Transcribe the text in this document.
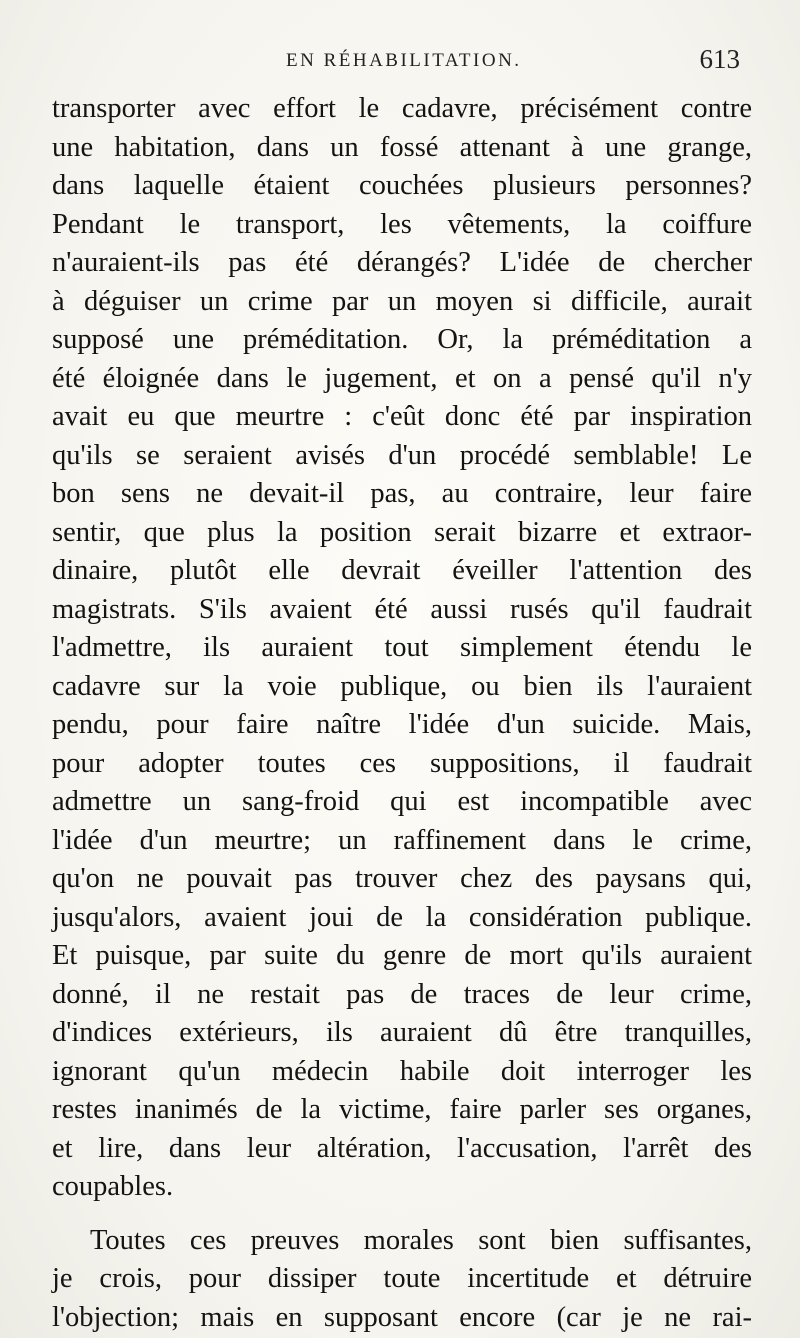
EN RÉHABILITATION.	613
transporter avec effort le cadavre, précisément contre
une habitation, dans un fossé attenant à une grange,
dans laquelle étaient couchées plusieurs personnes?
Pendant le transport, les vêtements, la coiffure
n'auraient-ils pas été dérangés? L'idée de chercher
à déguiser un crime par un moyen si difficile, aurait
supposé une préméditation. Or, la préméditation a
été éloignée dans le jugement, et on a pensé qu'il n'y
avait eu que meurtre : c'eût donc été par inspiration
qu'ils se seraient avisés d'un procédé semblable! Le
bon sens ne devait-il pas, au contraire, leur faire
sentir, que plus la position serait bizarre et extraor-
dinaire, plutôt elle devrait éveiller l'attention des
magistrats. S'ils avaient été aussi rusés qu'il faudrait
l'admettre, ils auraient tout simplement étendu le
cadavre sur la voie publique, ou bien ils l'auraient
pendu, pour faire naître l'idée d'un suicide. Mais,
pour adopter toutes ces suppositions, il faudrait
admettre un sang-froid qui est incompatible avec
l'idée d'un meurtre; un raffinement dans le crime,
qu'on ne pouvait pas trouver chez des paysans qui,
jusqu'alors, avaient joui de la considération publique.
Et puisque, par suite du genre de mort qu'ils auraient
donné, il ne restait pas de traces de leur crime,
d'indices extérieurs, ils auraient dû être tranquilles,
ignorant qu'un médecin habile doit interroger les
restes inanimés de la victime, faire parler ses organes,
et lire, dans leur altération, l'accusation, l'arrêt des
coupables.
Toutes ces preuves morales sont bien suffisantes,
je crois, pour dissiper toute incertitude et détruire
l'objection; mais en supposant encore (car je ne rai-
